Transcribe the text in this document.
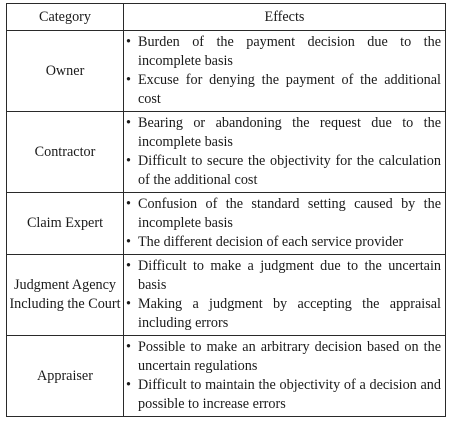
Category	Effects
Owner	• Burden of the payment decision due to the incomplete basis
• Excuse for denying the payment of the additional cost

Contractor	• Bearing or abandoning the request due to the incomplete basis
• Difficult to secure the objectivity for the calculation of the additional cost

Claim Expert	• Confusion of the standard setting caused by the incomplete basis
• The different decision of each service provider

Judgment Agency Including the Court	• Difficult to make a judgment due to the uncertain basis
• Making a judgment by accepting the appraisal including errors

Appraiser	• Possible to make an arbitrary decision based on the uncertain regulations
• Difficult to maintain the objectivity of a decision and possible to increase errors
